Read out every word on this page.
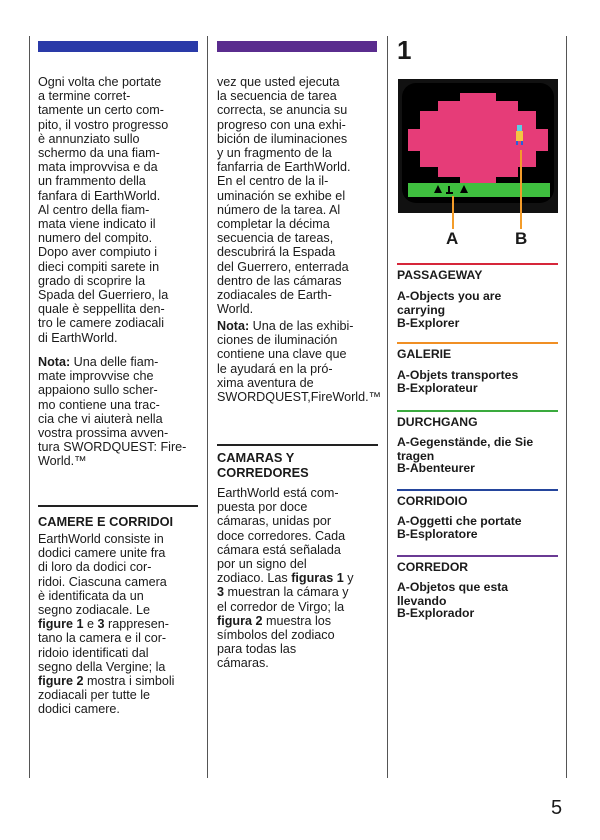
Ogni volta che portate
a termine corret-
tamente un certo com-
pito, il vostro progresso
è annunziato sullo
schermo da una fiam-
mata improvvisa e da
un frammento della
fanfara di EarthWorld.
Al centro della fiam-
mata viene indicato il
numero del compito.
Dopo aver compiuto i
dieci compiti sarete in
grado di scoprire la
Spada del Guerriero, la
quale è seppellita den-
tro le camere zodiacali
di EarthWorld.
Nota: Una delle fiam-
mate improvvise che
appaiono sullo scher-
mo contiene una trac-
cia che vi aiuterà nella
vostra prossima avven-
tura SWORDQUEST: Fire-
World.™
CAMERE E CORRIDOI
EarthWorld consiste in
dodici camere unite fra
di loro da dodici cor-
ridoi. Ciascuna camera
è identificata da un
segno zodiacale. Le
figure 1 e 3 rappresen-
tano la camera e il cor-
ridoio identificati dal
segno della Vergine; la
figure 2 mostra i simboli
zodiacali per tutte le
dodici camere.
vez que usted ejecuta
la secuencia de tarea
correcta, se anuncia su
progreso con una exhi-
bición de iluminaciones
y un fragmento de la
fanfarria de EarthWorld.
En el centro de la il-
uminación se exhibe el
número de la tarea. Al
completar la décima
secuencia de tareas,
descubrirá la Espada
del Guerrero, enterrada
dentro de las cámaras
zodiacales de Earth-
World.
Nota: Una de las exhibi-
ciones de iluminación
contiene una clave que
le ayudará en la pró-
xima aventura de
SWORDQUEST,FireWorld.™
CAMARAS Y
CORREDORES
EarthWorld está com-
puesta por doce
cámaras, unidas por
doce corredores. Cada
cámara está señalada
por un signo del
zodiaco. Las figuras 1 y
3 muestran la cámara y
el corredor de Virgo; la
figura 2 muestra los
símbolos del zodiaco
para todas las
cámaras.
1
A	B
PASSAGEWAY
A-Objects you are
carrying
B-Explorer
GALERIE
A-Objets transportes
B-Explorateur
DURCHGANG
A-Gegenstände, die Sie
tragen
B-Abenteurer
CORRIDOIO
A-Oggetti che portate
B-Esploratore
CORREDOR
A-Objetos que esta
llevando
B-Explorador
5
